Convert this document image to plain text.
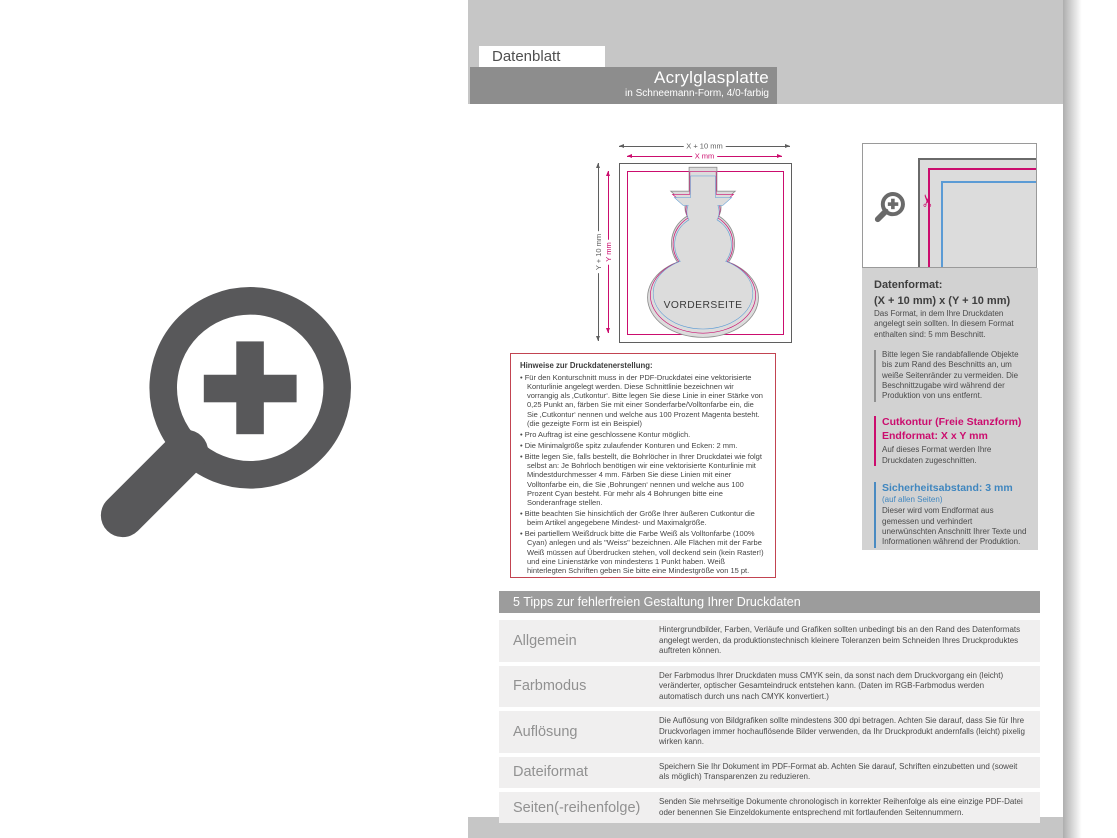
Datenblatt
Acrylglasplatte
in Schneemann-Form, 4/0-farbig
X + 10 mm
X mm
Y + 10 mm Y mm
VORDERSEITE
Hinweise zur Druckdatenerstellung:
• Für den Konturschnitt muss in der PDF-Druckdatei eine vektorisierte Konturlinie angelegt werden. Diese Schnittlinie bezeichnen wir vorrangig als ‚Cutkontur‘. Bitte legen Sie diese Linie in einer Stärke von 0,25 Punkt an, färben Sie mit einer Sonderfarbe/Volltonfarbe ein, die Sie ‚Cutkontur‘ nennen und welche aus 100 Prozent Magenta besteht. (die gezeigte Form ist ein Beispiel)
• Pro Auftrag ist eine geschlossene Kontur möglich.
• Die Minimalgröße spitz zulaufender Konturen und Ecken: 2 mm.
• Bitte legen Sie, falls bestellt, die Bohrlöcher in Ihrer Druckdatei wie folgt selbst an: Je Bohrloch benötigen wir eine vektorisierte Konturlinie mit Mindestdurchmesser 4 mm. Färben Sie diese Linien mit einer Volltonfarbe ein, die Sie ‚Bohrungen‘ nennen und welche aus 100 Prozent Cyan besteht. Für mehr als 4 Bohrungen bitte eine Sonderanfrage stellen.
• Bitte beachten Sie hinsichtlich der Größe Ihrer äußeren Cutkontur die beim Artikel angegebene Mindest- und Maximalgröße.
• Bei partiellem Weißdruck bitte die Farbe Weiß als Volltonfarbe (100% Cyan) anlegen und als "Weiss" bezeichnen. Alle Flächen mit der Farbe Weiß müssen auf Überdrucken stehen, voll deckend sein (kein Raster!) und eine Linienstärke von mindestens 1 Punkt haben. Weiß hinterlegten Schriften geben Sie bitte eine Mindestgröße von 15 pt.
✂
Datenformat:
(X + 10 mm) x (Y + 10 mm)
Das Format, in dem Ihre Druckdaten angelegt sein sollten. In diesem Format enthalten sind: 5 mm Beschnitt.
Bitte legen Sie randabfallende Objekte bis zum Rand des Beschnitts an, um weiße Seitenränder zu vermeiden. Die Beschnittzugabe wird während der Produktion von uns entfernt.
Cutkontur (Freie Stanzform)
Endformat: X x Y mm
Auf dieses Format werden Ihre Druckdaten zugeschnitten.
Sicherheitsabstand: 3 mm
(auf allen Seiten)
Dieser wird vom Endformat aus gemessen und verhindert unerwünschten Anschnitt Ihrer Texte und Informationen während der Produktion.
5 Tipps zur fehlerfreien Gestaltung Ihrer Druckdaten
Allgemein
Hintergrundbilder, Farben, Verläufe und Grafiken sollten unbedingt bis an den Rand des Datenformats angelegt werden, da produktionstechnisch kleinere Toleranzen beim Schneiden Ihres Druckproduktes auftreten können.
Farbmodus
Der Farbmodus Ihrer Druckdaten muss CMYK sein, da sonst nach dem Druckvorgang ein (leicht) veränderter, optischer Gesamteindruck entstehen kann. (Daten im RGB-Farbmodus werden automatisch durch uns nach CMYK konvertiert.)
Auflösung
Die Auflösung von Bildgrafiken sollte mindestens 300 dpi betragen. Achten Sie darauf, dass Sie für Ihre Druckvorlagen immer hochauflösende Bilder verwenden, da Ihr Druckprodukt andernfalls (leicht) pixelig wirken kann.
Dateiformat	Speichern Sie Ihr Dokument im PDF-Format ab. Achten Sie darauf, Schriften einzubetten und (soweit als möglich) Transparenzen zu reduzieren.
Seiten(-reihenfolge)	Senden Sie mehrseitige Dokumente chronologisch in korrekter Reihenfolge als eine einzige PDF-Datei oder benennen Sie Einzeldokumente entsprechend mit fortlaufenden Seitennummern.
